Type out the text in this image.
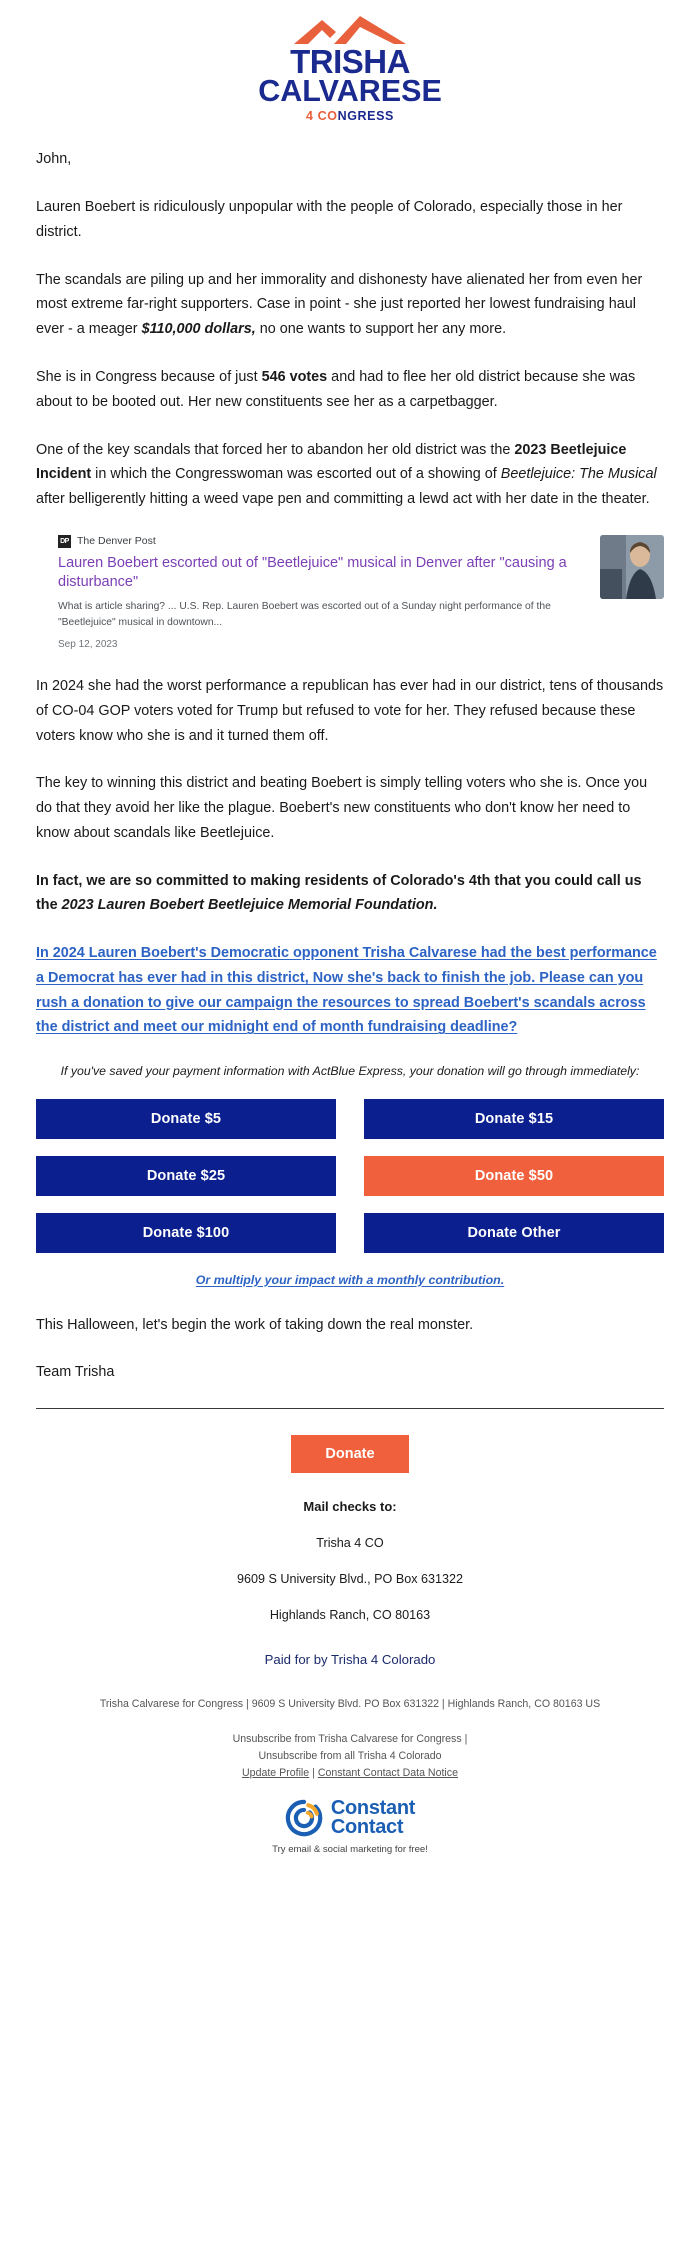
TRISHA
CALVARESE
4 CONGRESS

John,

Lauren Boebert is ridiculously unpopular with the people of Colorado, especially those in her district.

The scandals are piling up and her immorality and dishonesty have alienated her from even her most extreme far-right supporters. Case in point - she just reported her lowest fundraising haul ever - a meager $110,000 dollars, no one wants to support her any more.

She is in Congress because of just 546 votes and had to flee her old district because she was about to be booted out. Her new constituents see her as a carpetbagger.

One of the key scandals that forced her to abandon her old district was the 2023 Beetlejuice Incident in which the Congresswoman was escorted out of a showing of Beetlejuice: The Musical after belligerently hitting a weed vape pen and committing a lewd act with her date in the theater.

DP The Denver Post
Lauren Boebert escorted out of "Beetlejuice" musical in Denver after "causing a disturbance"
What is article sharing? ... U.S. Rep. Lauren Boebert was escorted out of a Sunday night performance of the "Beetlejuice" musical in downtown...
Sep 12, 2023

In 2024 she had the worst performance a republican has ever had in our district, tens of thousands of CO-04 GOP voters voted for Trump but refused to vote for her. They refused because these voters know who she is and it turned them off.

The key to winning this district and beating Boebert is simply telling voters who she is. Once you do that they avoid her like the plague. Boebert's new constituents who don't know her need to know about scandals like Beetlejuice.

In fact, we are so committed to making residents of Colorado's 4th that you could call us the 2023 Lauren Boebert Beetlejuice Memorial Foundation.

In 2024 Lauren Boebert's Democratic opponent Trisha Calvarese had the best performance a Democrat has ever had in this district, Now she's back to finish the job. Please can you rush a donation to give our campaign the resources to spread Boebert's scandals across the district and meet our midnight end of month fundraising deadline?

If you've saved your payment information with ActBlue Express, your donation will go through immediately:
Donate $5	Donate $15
Donate $25	Donate $50
Donate $100	Donate Other
Or multiply your impact with a monthly contribution.

This Halloween, let's begin the work of taking down the real monster.

Team Trisha

Donate
Mail checks to:
Trisha 4 CO
9609 S University Blvd., PO Box 631322
Highlands Ranch, CO 80163
Paid for by Trisha 4 Colorado
Trisha Calvarese for Congress | 9609 S University Blvd. PO Box 631322 | Highlands Ranch, CO 80163 US
Unsubscribe from Trisha Calvarese for Congress |
Unsubscribe from all Trisha 4 Colorado
Update Profile | Constant Contact Data Notice
Constant
Contact
Try email & social marketing for free!
